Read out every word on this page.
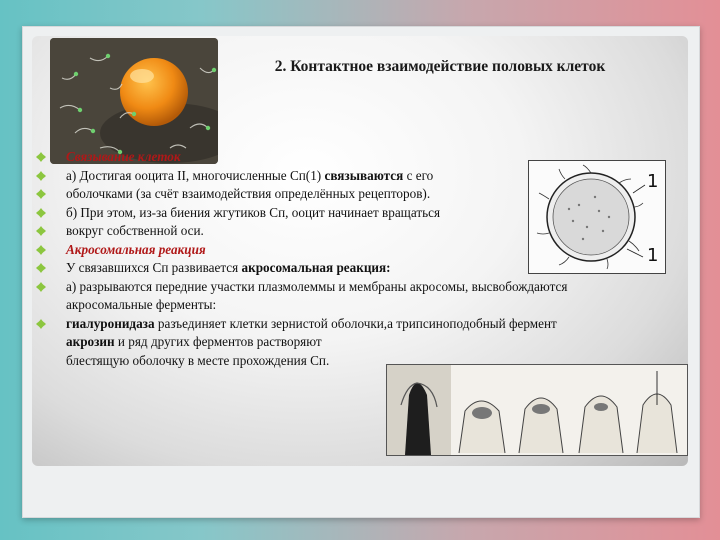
2. Контактное взаимодействие половых клеток
Связывание клеток
а) Достигая ооцита II, многочисленные Сп(1) связываются с его
оболочками (за счёт взаимодействия определённых рецепторов).
б) При этом, из-за биения жгутиков Сп, ооцит начинает вращаться
вокруг собственной оси.
Акросомальная реакция
У связавшихся Сп развивается акросомальная реакция:
а) разрываются передние участки плазмолеммы и мембраны акросомы, высвобождаются
акросомальные ферменты:
гиалуронидаза разъединяет клетки зернистой оболочки,а трипсиноподобный фермент
акрозин и ряд других ферментов растворяют
блестящую оболочку в месте прохождения Сп.
1
1
